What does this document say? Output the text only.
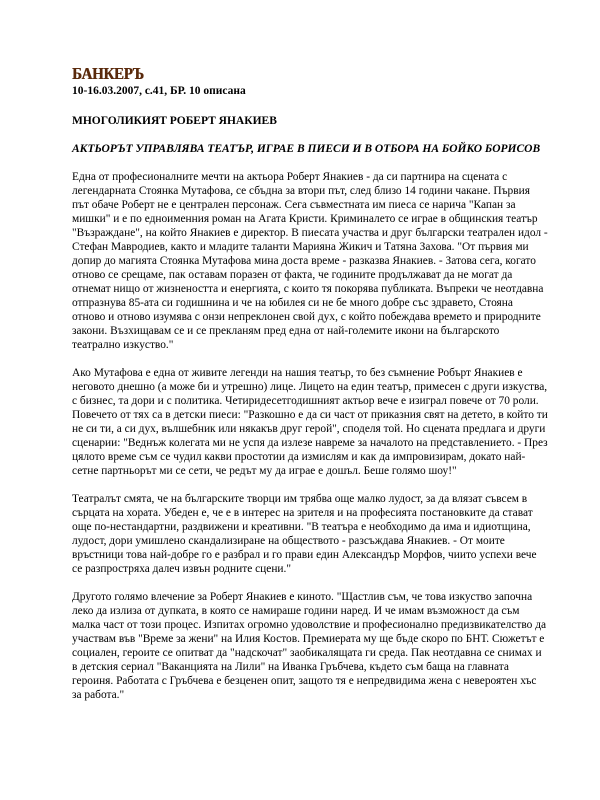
БАНКЕРЪ
10-16.03.2007, с.41, БР. 10 описана
МНОГОЛИКИЯТ РОБЕРТ ЯНАКИЕВ
АКТЬОРЪТ УПРАВЛЯВА ТЕАТЪР, ИГРАЕ В ПИЕСИ И В ОТБОРА НА БОЙКО БОРИСОВ

Една от професионалните мечти на актьора Роберт Янакиев - да си партнира на сцената с легендарната Стоянка Мутафова, се сбъдна за втори път, след близо 14 години чакане. Първия път обаче Роберт не е централен персонаж. Сега съвместната им пиеса се нарича "Капан за мишки" и е по едноименния роман на Агата Кристи. Криминалето се играе в общинския театър "Възраждане", на който Янакиев е директор. В пиесата участва и друг български театрален идол - Стефан Мавродиев, както и младите таланти Марияна Жикич и Татяна Захова. "От първия ми допир до магията Стоянка Мутафова мина доста време - разказва Янакиев. - Затова сега, когато отново се срещаме, пак оставам поразен от факта, че годините продължават да не могат да отнемат нищо от жизнеността и енергията, с които тя покорява публиката. Въпреки че неотдавна отпразнува 85-ата си годишнина и че на юбилея си не бе много добре със здравето, Стояна отново и отново изумява с онзи непреклонен свой дух, с който побеждава времето и природните закони. Възхищавам се и се прекланям пред една от най-големите икони на българското театрално изкуство."

Ако Мутафова е една от живите легенди на нашия театър, то без съмнение Робърт Янакиев е неговото днешно (а може би и утрешно) лице. Лицето на един театър, примесен с други изкуства, с бизнес, та дори и с политика. Четиридесетгодишният актьор вече е изиграл повече от 70 роли. Повечето от тях са в детски пиеси: "Разкошно е да си част от приказния свят на детето, в който ти не си ти, а си дух, вълшебник или някакъв друг герой", споделя той. Но сцената предлага и други сценарии: "Веднъж колегата ми не успя да излезе навреме за началото на представлението. - През цялото време съм се чудил какви простотии да измислям и как да импровизирам, докато най-сетне партньорът ми се сети, че редът му да играе е дошъл. Беше голямо шоу!"

Театралът смята, че на българските творци им трябва още малко лудост, за да влязат съвсем в сърцата на хората. Убеден е, че е в интерес на зрителя и на професията постановките да стават още по-нестандартни, раздвижени и креативни. "В театъра е необходимо да има и идиотщина, лудост, дори умишлено скандализиране на обществото - разсъждава Янакиев. - От моите връстници това най-добре го е разбрал и го прави един Александър Морфов, чиито успехи вече се разпростряха далеч извън родните сцени."

Другото голямо влечение за Роберт Янакиев е киното. "Щастлив съм, че това изкуство започна леко да излиза от дупката, в която се намираше години наред. И че имам възможност да съм малка част от този процес. Изпитах огромно удоволствие и професионално предизвикателство да участвам във "Време за жени" на Илия Костов. Премиерата му ще бъде скоро по БНТ. Сюжетът е социален, героите се опитват да "надскочат" заобикалящата ги среда. Пак неотдавна се снимах и в детския сериал "Ваканцията на Лили" на Иванка Гръбчева, където съм баща на главната героиня. Работата с Гръбчева е безценен опит, защото тя е непредвидима жена с невероятен хъс за работа."
